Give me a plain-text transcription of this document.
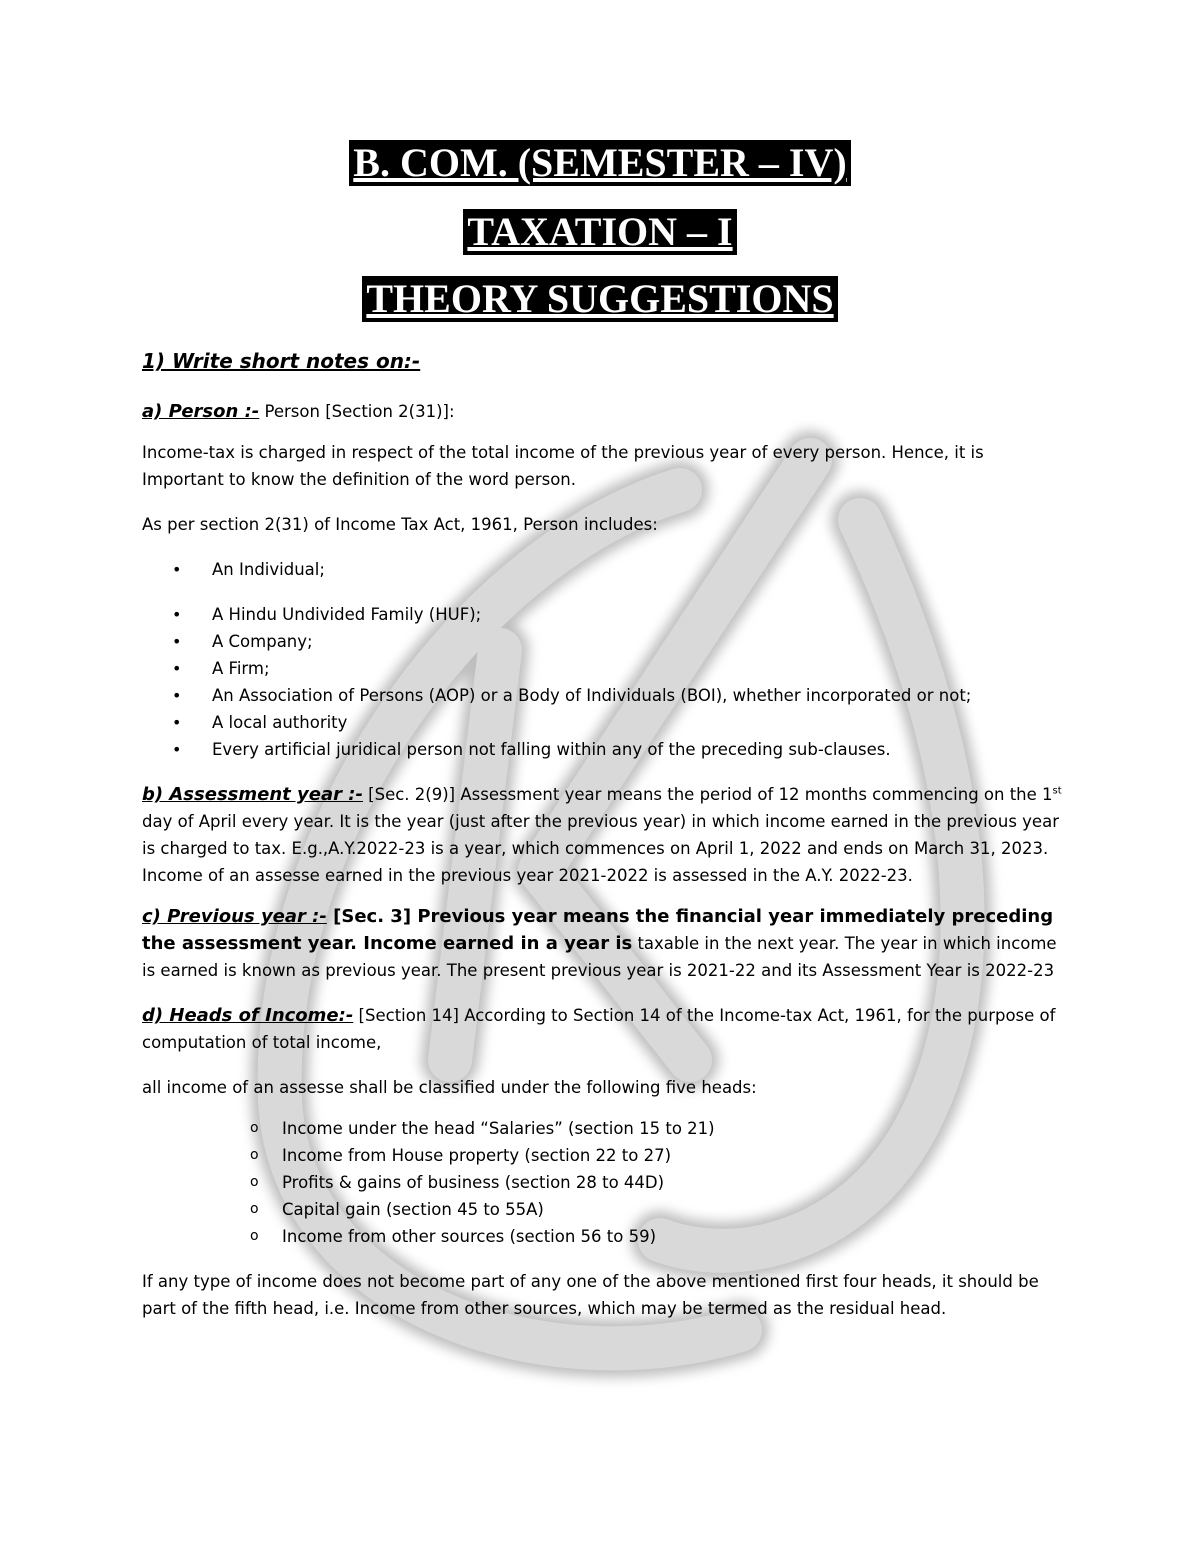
B. COM. (SEMESTER – IV)
TAXATION – I
THEORY SUGGESTIONS

1) Write short notes on:-

a) Person :- Person [Section 2(31)]:

Income-tax is charged in respect of the total income of the previous year of every person. Hence, it is Important to know the definition of the word person.

As per section 2(31) of Income Tax Act, 1961, Person includes:

• An Individual;
• A Hindu Undivided Family (HUF);
• A Company;
• A Firm;
• An Association of Persons (AOP) or a Body of Individuals (BOI), whether incorporated or not;
• A local authority
• Every artificial juridical person not falling within any of the preceding sub-clauses.

b) Assessment year :- [Sec. 2(9)] Assessment year means the period of 12 months commencing on the 1st day of April every year. It is the year (just after the previous year) in which income earned in the previous year is charged to tax. E.g.,A.Y.2022-23 is a year, which commences on April 1, 2022 and ends on March 31, 2023. Income of an assesse earned in the previous year 2021-2022 is assessed in the A.Y. 2022-23.

c) Previous year :- [Sec. 3] Previous year means the financial year immediately preceding the assessment year. Income earned in a year is taxable in the next year. The year in which income is earned is known as previous year. The present previous year is 2021-22 and its Assessment Year is 2022-23

d) Heads of Income:- [Section 14] According to Section 14 of the Income-tax Act, 1961, for the purpose of computation of total income,

all income of an assesse shall be classified under the following five heads:

o Income under the head “Salaries” (section 15 to 21)
o Income from House property (section 22 to 27)
o Profits & gains of business (section 28 to 44D)
o Capital gain (section 45 to 55A)
o Income from other sources (section 56 to 59)

If any type of income does not become part of any one of the above mentioned first four heads, it should be part of the fifth head, i.e. Income from other sources, which may be termed as the residual head.
